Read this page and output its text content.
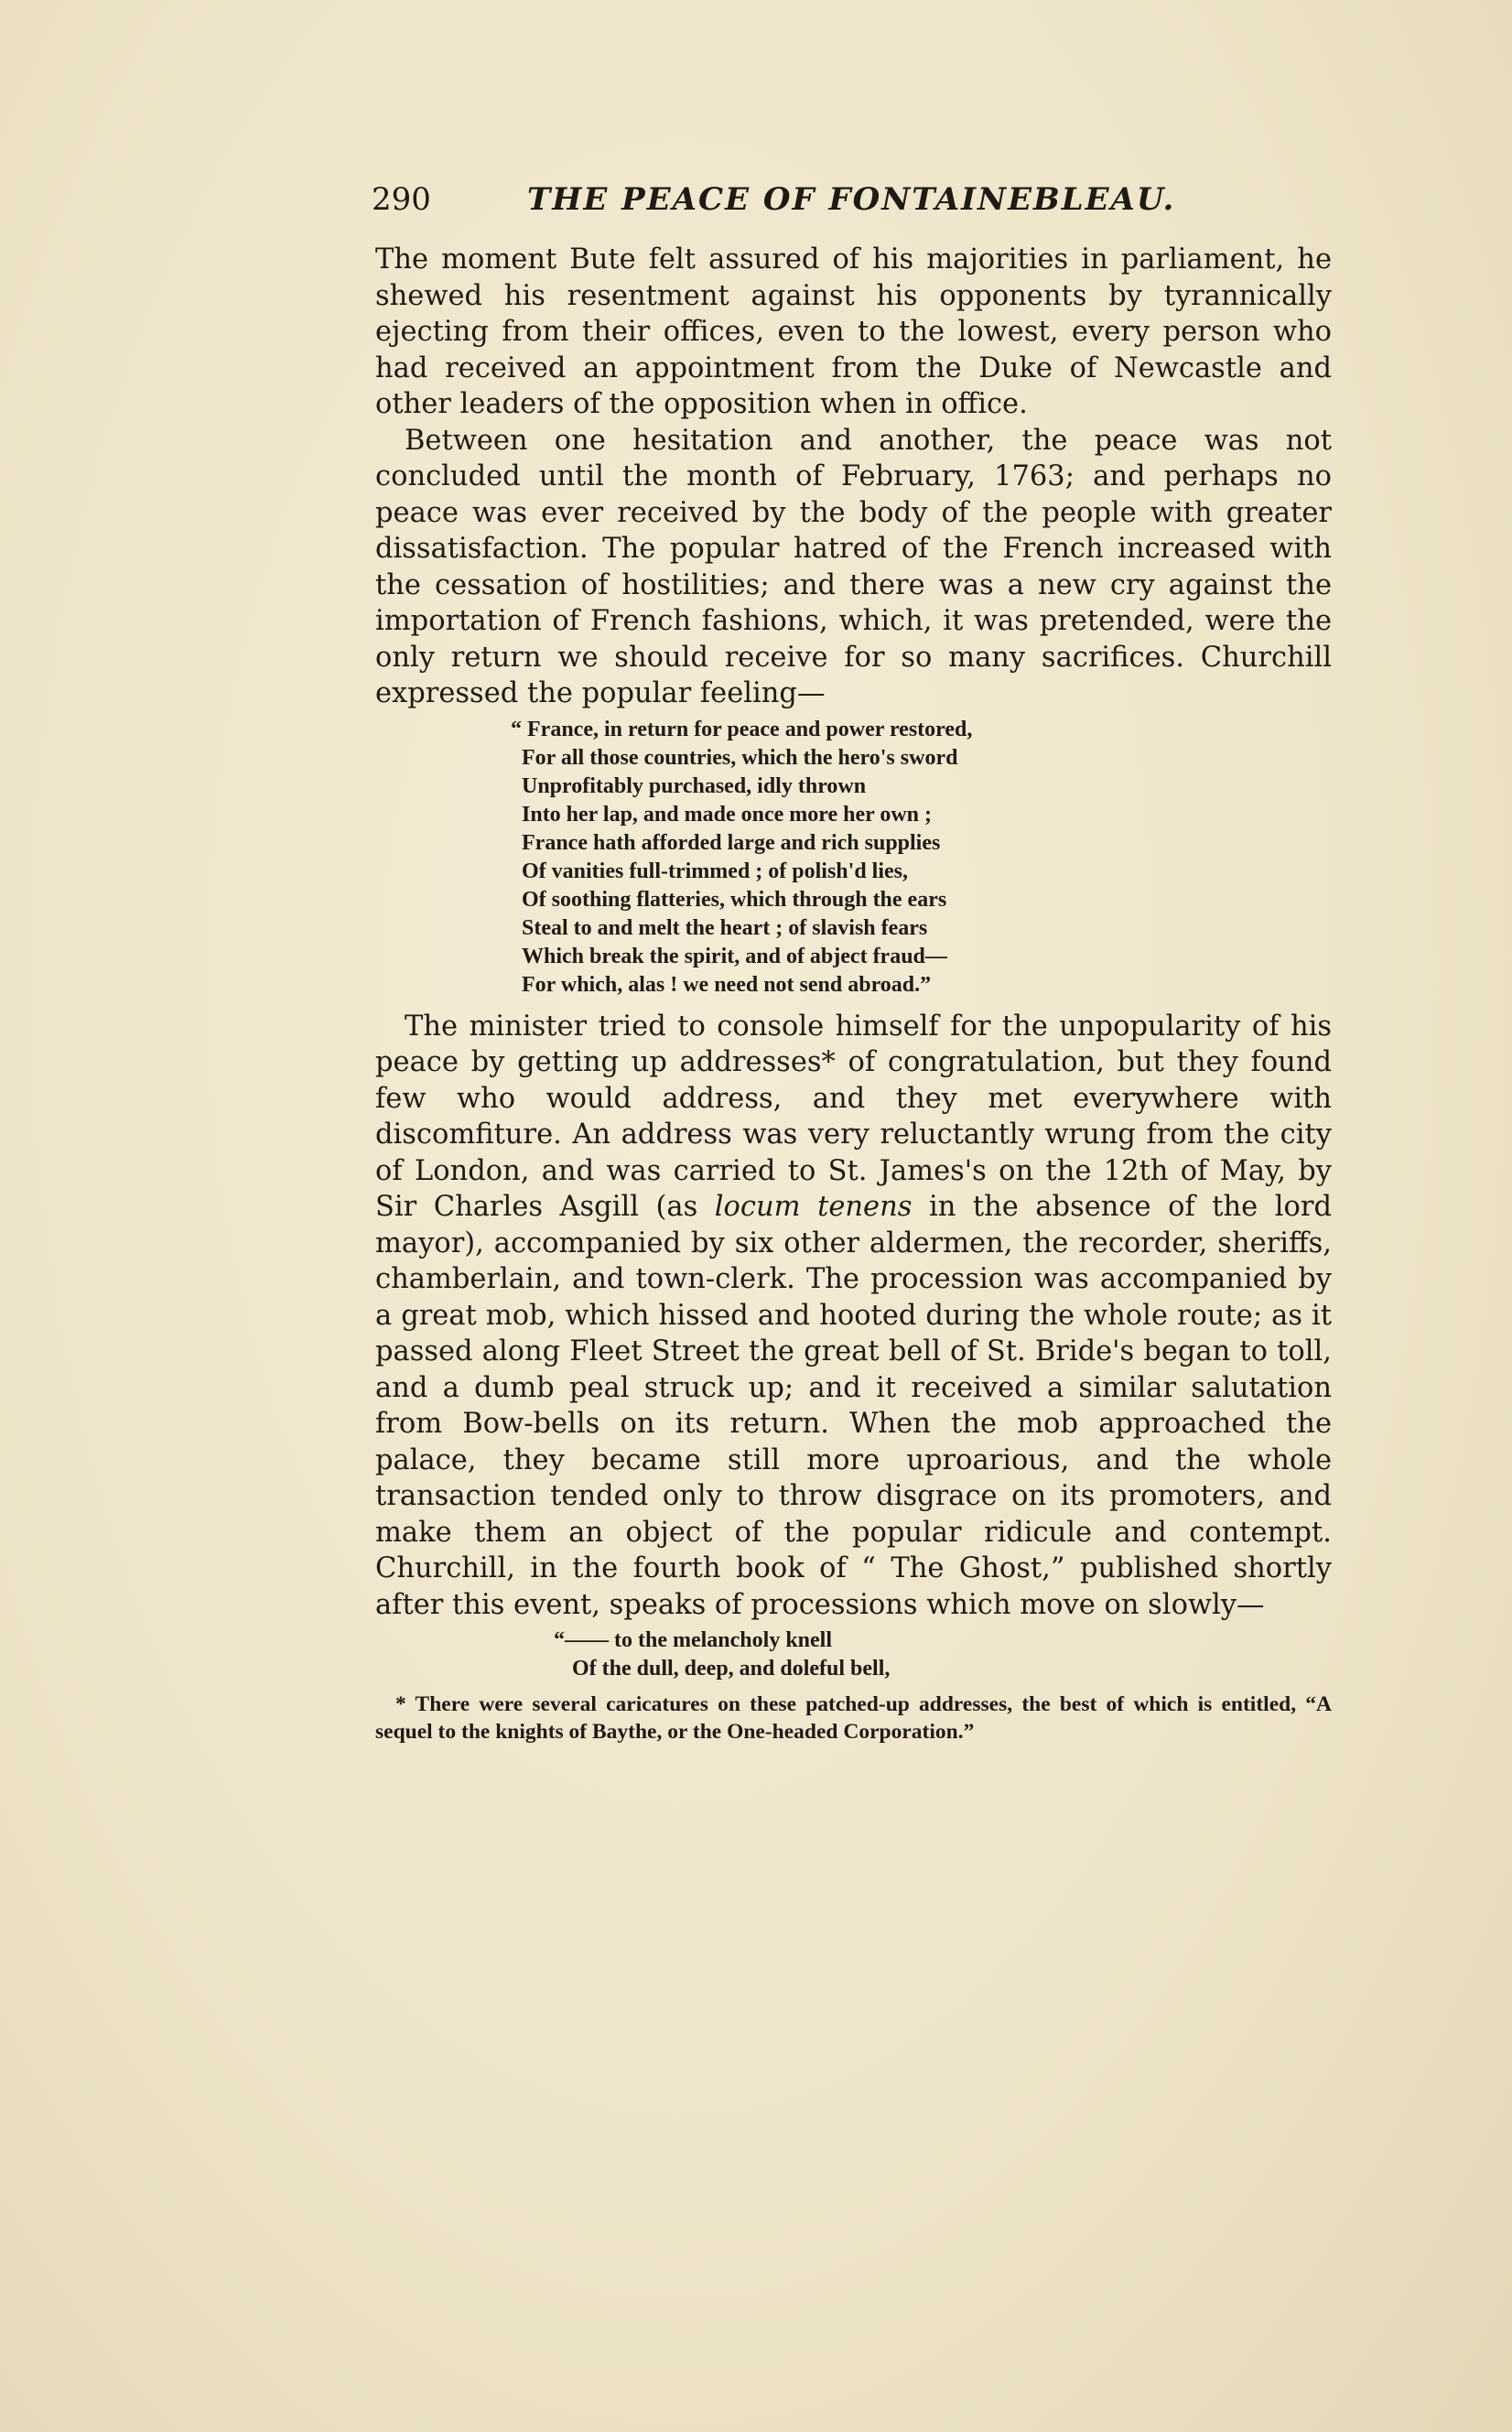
290	THE PEACE OF FONTAINEBLEAU.

The moment Bute felt assured of his majorities in parliament, he shewed his resentment against his opponents by tyrannically ejecting from their offices, even to the lowest, every person who had received an appointment from the Duke of Newcastle and other leaders of the opposition when in office.

Between one hesitation and another, the peace was not concluded until the month of February, 1763; and perhaps no peace was ever received by the body of the people with greater dissatisfaction. The popular hatred of the French increased with the cessation of hostilities; and there was a new cry against the importation of French fashions, which, it was pretended, were the only return we should receive for so many sacrifices. Churchill expressed the popular feeling—

“ France, in return for peace and power restored,
For all those countries, which the hero's sword
Unprofitably purchased, idly thrown
Into her lap, and made once more her own ;
France hath afforded large and rich supplies
Of vanities full-trimmed ; of polish'd lies,
Of soothing flatteries, which through the ears
Steal to and melt the heart ; of slavish fears
Which break the spirit, and of abject fraud—
For which, alas ! we need not send abroad.”

The minister tried to console himself for the unpopularity of his peace by getting up addresses* of congratulation, but they found few who would address, and they met everywhere with discomfiture. An address was very reluctantly wrung from the city of London, and was carried to St. James's on the 12th of May, by Sir Charles Asgill (as locum tenens in the absence of the lord mayor), accompanied by six other aldermen, the recorder, sheriffs, chamberlain, and town-clerk. The procession was accompanied by a great mob, which hissed and hooted during the whole route; as it passed along Fleet Street the great bell of St. Bride's began to toll, and a dumb peal struck up; and it received a similar salutation from Bow-bells on its return. When the mob approached the palace, they became still more uproarious, and the whole transaction tended only to throw disgrace on its promoters, and make them an object of the popular ridicule and contempt. Churchill, in the fourth book of “ The Ghost,” published shortly after this event, speaks of processions which move on slowly—

“—— to the melancholy knell
Of the dull, deep, and doleful bell,
* There were several caricatures on these patched-up addresses, the best of which is entitled, “A sequel to the knights of Baythe, or the One-headed Corporation.”
